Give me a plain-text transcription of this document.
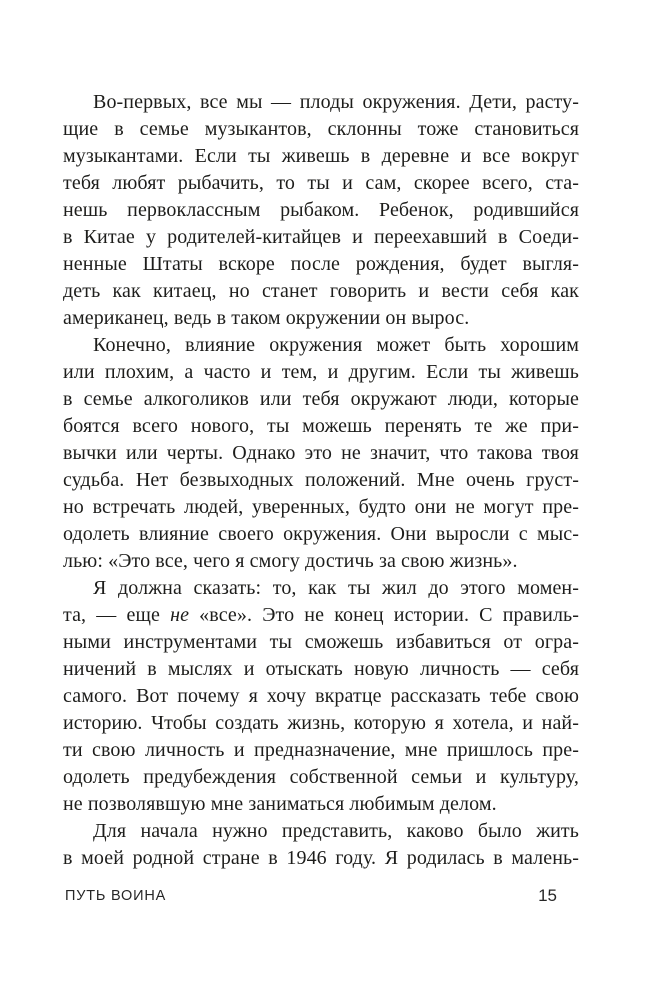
Во-первых, все мы — плоды окружения. Дети, расту-
щие в семье музыкантов, склонны тоже становиться
музыкантами. Если ты живешь в деревне и все вокруг
тебя любят рыбачить, то ты и сам, скорее всего, ста-
нешь первоклассным рыбаком. Ребенок, родившийся
в Китае у родителей-китайцев и переехавший в Соеди-
ненные Штаты вскоре после рождения, будет выгля-
деть как китаец, но станет говорить и вести себя как
американец, ведь в таком окружении он вырос.
Конечно, влияние окружения может быть хорошим
или плохим, а часто и тем, и другим. Если ты живешь
в семье алкоголиков или тебя окружают люди, которые
боятся всего нового, ты можешь перенять те же при-
вычки или черты. Однако это не значит, что такова твоя
судьба. Нет безвыходных положений. Мне очень груст-
но встречать людей, уверенных, будто они не могут пре-
одолеть влияние своего окружения. Они выросли с мыс-
лью: «Это все, чего я смогу достичь за свою жизнь».
Я должна сказать: то, как ты жил до этого момен-
та, — еще не «все». Это не конец истории. С правиль-
ными инструментами ты сможешь избавиться от огра-
ничений в мыслях и отыскать новую личность — себя
самого. Вот почему я хочу вкратце рассказать тебе свою
историю. Чтобы создать жизнь, которую я хотела, и най-
ти свою личность и предназначение, мне пришлось пре-
одолеть предубеждения собственной семьи и культуру,
не позволявшую мне заниматься любимым делом.
Для начала нужно представить, каково было жить
в моей родной стране в 1946 году. Я родилась в малень-
ПУТЬ ВОИНА	15
